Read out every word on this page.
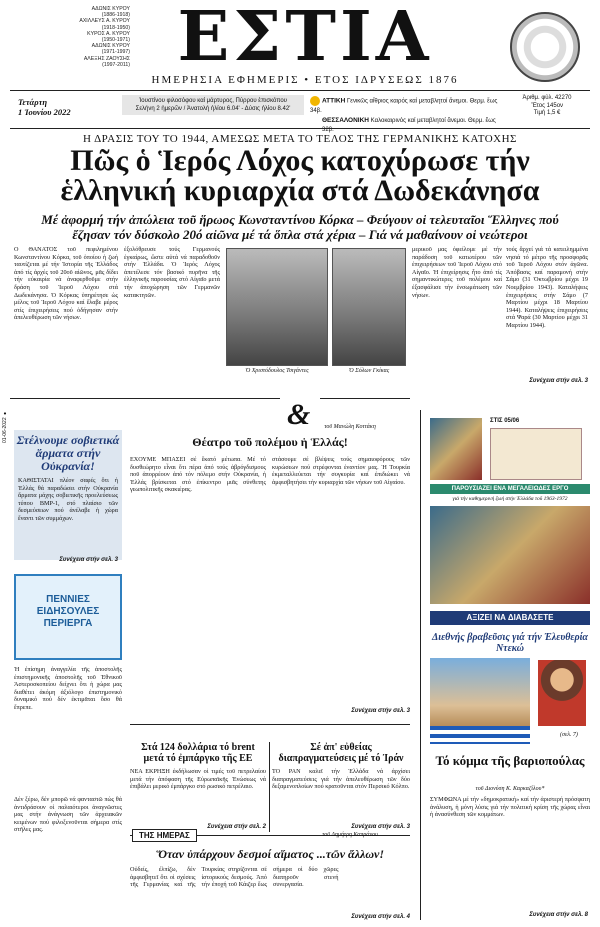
ΑΔΩΝΙΣ ΚΥΡΟΥ
(1886-1918)
ΑΧΙΛΛΕΥΣ Α. ΚΥΡΟΥ
(1918-1950)
ΚΥΡΟΣ Α. ΚΥΡΟΥ
(1950-1971)
ΑΔΩΝΙΣ ΚΥΡΟΥ
(1971-1997)
ΑΛΕΞΗΣ ΖΑΟΥΣΗΣ
(1997-2011) ΕΣΤΙΑ
ΗΜΕΡΗΣΙΑ ΕΦΗΜΕΡΙΣ • ΕΤΟΣ ΙΔΡΥΣΕΩΣ 1876
Τετάρτη
1 Ἰουνίου 2022
Ἰουστίνου φιλοσόφου καί μάρτυρος, Πύρρου ἐπισκόπου
Σελήνη 2 ἡμερῶν / Ἀνατολή ἡλίου 6.04' - Δύσις ἡλίου 8.42'
ΑΤΤΙΚΗ Γενικῶς αἴθριος καιρός καί μεταβλητοί ἄνεμοι. Θερμ. ἕως 34β.
ΘΕΣΣΑΛΟΝΙΚΗ Καλοκαιρινός καί μεταβλητοί ἄνεμοι. Θερμ. ἕως 32β.
Ἀριθμ. φύλ. 42270
Ἔτος 145ον
Τιμή 1,5 €
Η ΔΡΑΣΙΣ ΤΟΥ ΤΟ 1944, ΑΜΕΣΩΣ ΜΕΤΑ ΤΟ ΤΕΛΟΣ ΤΗΣ ΓΕΡΜΑΝΙΚΗΣ ΚΑΤΟΧΗΣ
Πῶς ὁ Ἱερός Λόχος κατοχύρωσε τήν ἑλληνική κυριαρχία στά Δωδεκάνησα
Μέ ἀφορμή τήν ἀπώλεια τοῦ ἥρωος Κωνσταντίνου Κόρκα – Φεύγουν οἱ τελευταῖοι Ἕλληνες πού ἔζησαν τόν δύσκολο 20ό αἰῶνα μέ τά ὅπλα στά χέρια – Γιά νά μαθαίνουν οἱ νεώτεροι
Ο ΘΑΝΑΤΟΣ τοῦ πεφιλημένου Κωνσταντίνου Κόρκα, τοῦ ὁποίου ἡ ζωή ταυτίζεται μέ τήν Ἱστορία τῆς Ἑλλάδος ἀπό τίς ἀρχές τοῦ 20οῦ αἰῶνος, μᾶς δίδει τήν εὐκαιρία νά ἀναφερθοῦμε στήν δράση τοῦ Ἱεροῦ Λόχου στά Δωδεκάνησα. Ὁ Κόρκας ὑπηρέτησε ὡς μέλος τοῦ Ἱεροῦ Λόχου καί ἔλαβε μέρος στίς ἐπιχειρήσεις πού ὁδήγησαν στήν ἀπελευθέρωση τῶν νήσων.
ἐξολόθρευσε τούς Γερμανούς ἐγκαίρως, ὥστε αὐτά νά παραδοθοῦν στήν Ἑλλάδα. Ὁ Ἱερός Λόχος ἀπετέλεσε τόν βασικό πυρῆνα τῆς ἑλληνικῆς παρουσίας στό Αἰγαῖο μετά τήν ἀποχώρηση τῶν Γερμανῶν κατακτητῶν.
Ὁ Χριστόδουλος Τσιγάντες	Ὁ Σόλων Γκίκας
μερικοῦ μας ὀφείλομε μέ τήν παράδοση τοῦ κατωτέρου τῶν ἐπιχειρήσεων τοῦ Ἱεροῦ Λόχου στό Αἰγαῖο. Ἡ ἐπιχείρησις ἦτο ἀπό τίς σημαντικώτερες τοῦ πολέμου καί ἐξασφάλισε τήν ἑνσωμάτωση τῶν νήσων.
τούς ἄρχεί γιά τά κατειλημμένα νησιά τό μέτρο τῆς προσφορᾶς τοῦ Ἱεροῦ Λόχου στόν ἀγῶνα. Ἀπόβασις καί παραμονή στήν Σάμο (31 Ὀκτωβρίου μέχρι 19 Νοεμβρίου 1943). Καταλήψεις ἐπιχειρήσεις στήν Σάμο (7 Μαρτίου μέχρι 18 Μαρτίου 1944). Καταλήψεις ἐπιχειρήσεις στά Ψαρά (30 Μαρτίου μέχρι 31 Μαρτίου 1944).
Συνέχεια στήν σελ. 3
&
Στέλνουμε σοβιετικά ἅρματα στήν Οὐκρανία!
ΚΑΘΙΣΤΑΤΑΙ πλέον σαφές ὅτι ἡ Ἑλλάς θά παραδώσει στήν Οὐκρανία ἅρματα μάχης σοβιετικῆς προελεύσεως τύπου BMP-1, στό πλαίσιο τῶν δεσμεύσεων πού ἀνέλαβε ἡ χώρα ἔναντι τῶν συμμάχων.
Συνέχεια στήν σελ. 3
01-06-2022 ●
ΠΕΝΝΙΕΣ ΕΙΔΗΣΟΥΛΕΣ ΠΕΡΙΕΡΓΑ
Ἡ ἐπίσημη ἀναγγελία τῆς ἀποστολῆς ἐπιστημονικῆς ἀποστολῆς τοῦ Ἐθνικοῦ Ἀστεροσκοπείου δείχνει ὅτι ἡ χώρα μας διαθέτει ἀκόμη ἀξιόλογο ἐπιστημονικό δυναμικό πού δέν ἐκτιμᾶται ὅσο θά ἔπρεπε.
Δέν ξέρω, δέν μπορῶ νά φανταστῶ πώς θά ἀντιδράσουν οἱ παλαιότεροι ἀναγνῶστες μας στήν ἀνάγνωση τῶν ἀρχειακῶν κειμένων πού φιλοξενοῦνται σήμερα στίς στῆλες μας.
τοῦ Μανώλη Κοττάκη
Θέατρο τοῦ πολέμου ἡ Ἑλλάς!
ΕΧΟΥΜΕ ΜΠΑΣΕΙ σέ ἕκατό μέτωπα. Μέ τό δυσθεώρητο εἶναι ὅτι πέρα ἀπό τούς ἀβρόγδισμους ποῦ ἀπορρέουν ἀπό τόν πόλεμο στήν Οὐκρανία, ἡ Ἑλλάς βρίσκεται στό ἐπίκεντρο μιᾶς σύνθετης γεωπολιτικῆς σκακιέρας.
στάσουμε σέ βλέψεις τούς σημαιοφόρους τῶν κυρώσεων πού στρέφονται ἐναντίον μας. Ἡ Τουρκία ἐκμεταλλεύεται τήν συγκυρία καί ἐπιδιώκει νά ἀμφισβητήσει τήν κυριαρχία τῶν νήσων τοῦ Αἰγαίου.
Συνέχεια στήν σελ. 3
Στά 124 δολλάρια τό brent μετά τό ἐμπάργκο τῆς ΕΕ
ΝΕΑ ΕΚΡΗΞΗ ἐκδήλωσαν οἱ τιμές τοῦ πετρελαίου μετά τήν ἀπόφαση τῆς Εὐρωπαϊκῆς Ἑνώσεως νά ἐπιβάλει μερικό ἐμπάργκο στό ρωσικό πετρέλαιο.
Συνέχεια στήν σελ. 2
Σέ ἀπ' εὐθείας διαπραγματεύσεις μέ τό Ἰράν
ΤΟ ΡΑΝ καλεῖ τήν Ἑλλάδα νά ἀρχίσει διαπραγματεύσεις γιά τήν ἀπελευθέρωση τῶν δύο δεξαμενοπλοίων πού κρατοῦνται στόν Περσικό Κόλπο.
Συνέχεια στήν σελ. 3
ΤΗΣ ΗΜΕΡΑΣ	τοῦ Δημήτρη Καπράνου
Ὅταν ὑπάρχουν δεσμοί αἵματος ...τῶν ἄλλων!
Οὐδείς, ἐλπίζω, δέν ἀμφισβητεῖ ὅτι οἱ σχέσεις τῆς Γερμανίας καί τῆς Τουρκίας στηρίζονται σέ ἱστορικούς δεσμούς. Ἀπό τήν ἐποχή τοῦ Κάιζερ ἕως σήμερα οἱ δύο χῶρες διατηροῦν στενή συνεργασία.
Συνέχεια στήν σελ. 4
ΣΤΙΣ 05/06
ΠΑΡΟΥΣΙΑΖΕΙ ΕΝΑ ΜΕΓΑΛΕΙΩΔΕΣ ΕΡΓΟ
γιά τήν καθημερινή ζωή στήν Ἑλλάδα τοῦ 1963-1972
ΑΞΙΖΕΙ ΝΑ ΔΙΑΒΑΣΕΤΕ
Διεθνής βραβεῦσις γιά τήν Ἐλευθερία Ντεκώ
(σελ. 7)
Τό κόμμα τῆς βαριοπούλας
τοῦ Διονύση Κ. Καρκαζίλου*
ΣΥΜΦΩΝΑ μέ τήν «δημοκρατική» καί τήν ἀριστερή πρόσφατη ἀνάλυση, ἡ μόνη λύσις γιά τήν πολιτική κρίση τῆς χώρας εἶναι ἡ ἀνασύνθεση τῶν κομμάτων.
Συνέχεια στήν σελ. 8
